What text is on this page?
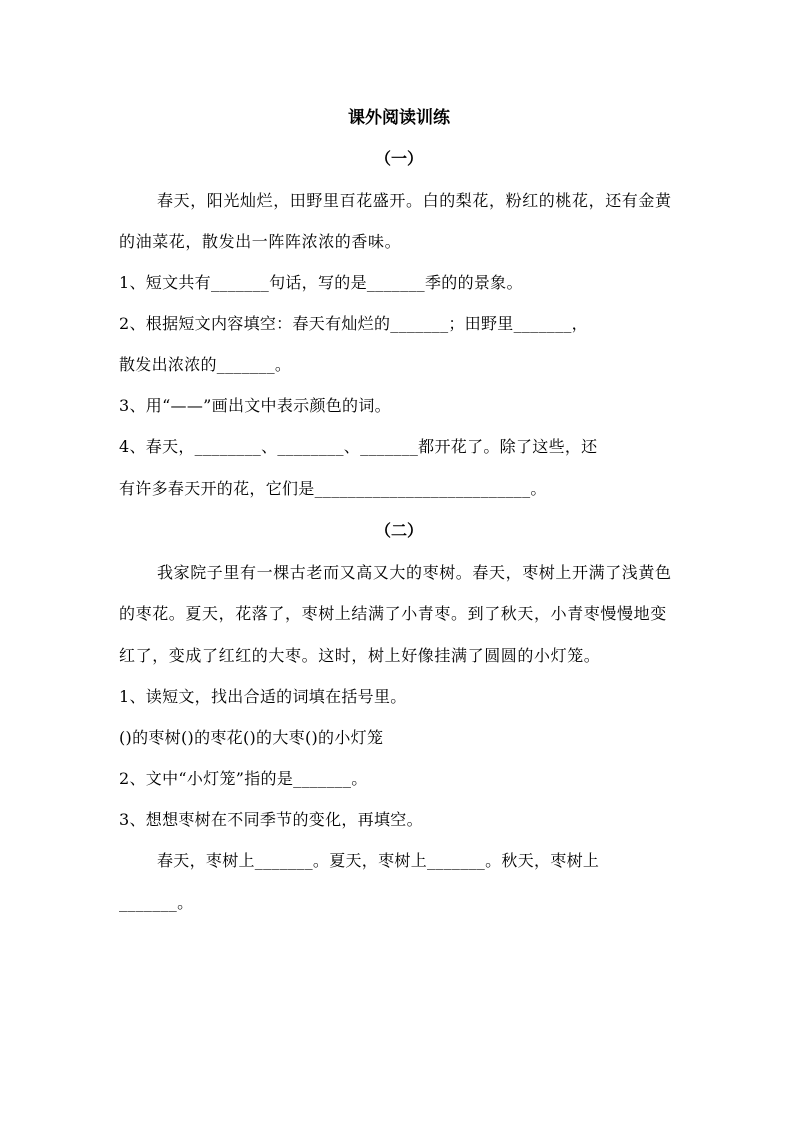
课外阅读训练
（一）

春天，阳光灿烂，田野里百花盛开。白的梨花，粉红的桃花，还有金黄的油菜花，散发出一阵阵浓浓的香味。

1、短文共有_______句话，写的是_______季的的景象。
2、根据短文内容填空：春天有灿烂的_______；田野里_______，
散发出浓浓的_______。
3、用“——”画出文中表示颜色的词。
4、春天，________、________、_______都开花了。除了这些，还
有许多春天开的花，它们是__________________________。
（二）

我家院子里有一棵古老而又高又大的枣树。春天，枣树上开满了浅黄色的枣花。夏天，花落了，枣树上结满了小青枣。到了秋天，小青枣慢慢地变红了，变成了红红的大枣。这时，树上好像挂满了圆圆的小灯笼。

1、读短文，找出合适的词填在括号里。
()的枣树()的枣花()的大枣()的小灯笼
2、文中“小灯笼”指的是_______。
3、想想枣树在不同季节的变化，再填空。
春天，枣树上_______。夏天，枣树上_______。秋天，枣树上
_______。
